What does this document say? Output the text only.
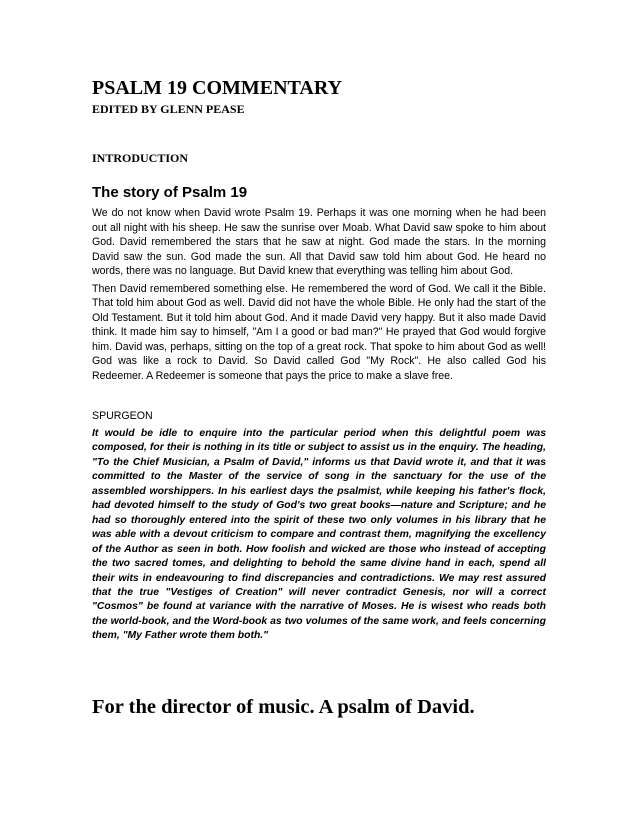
PSALM 19 COMMENTARY
EDITED BY GLENN PEASE
INTRODUCTION
The story of Psalm 19

We do not know when David wrote Psalm 19. Perhaps it was one morning when he had been out all night with his sheep. He saw the sunrise over Moab. What David saw spoke to him about God. David remembered the stars that he saw at night. God made the stars. In the morning David saw the sun. God made the sun. All that David saw told him about God. He heard no words, there was no language. But David knew that everything was telling him about God.

Then David remembered something else. He remembered the word of God. We call it the Bible. That told him about God as well. David did not have the whole Bible. He only had the start of the Old Testament. But it told him about God. And it made David very happy. But it also made David think. It made him say to himself, "Am I a good or bad man?" He prayed that God would forgive him. David was, perhaps, sitting on the top of a great rock. That spoke to him about God as well! God was like a rock to David. So David called God "My Rock". He also called God his Redeemer. A Redeemer is someone that pays the price to make a slave free.

SPURGEON

It would be idle to enquire into the particular period when this delightful poem was composed, for their is nothing in its title or subject to assist us in the enquiry. The heading, "To the Chief Musician, a Psalm of David," informs us that David wrote it, and that it was committed to the Master of the service of song in the sanctuary for the use of the assembled worshippers. In his earliest days the psalmist, while keeping his father's flock, had devoted himself to the study of God's two great books—nature and Scripture; and he had so thoroughly entered into the spirit of these two only volumes in his library that he was able with a devout criticism to compare and contrast them, magnifying the excellency of the Author as seen in both. How foolish and wicked are those who instead of accepting the two sacred tomes, and delighting to behold the same divine hand in each, spend all their wits in endeavouring to find discrepancies and contradictions. We may rest assured that the true "Vestiges of Creation" will never contradict Genesis, nor will a correct "Cosmos" be found at variance with the narrative of Moses. He is wisest who reads both the world-book, and the Word-book as two volumes of the same work, and feels concerning them, "My Father wrote them both."

For the director of music. A psalm of David.
